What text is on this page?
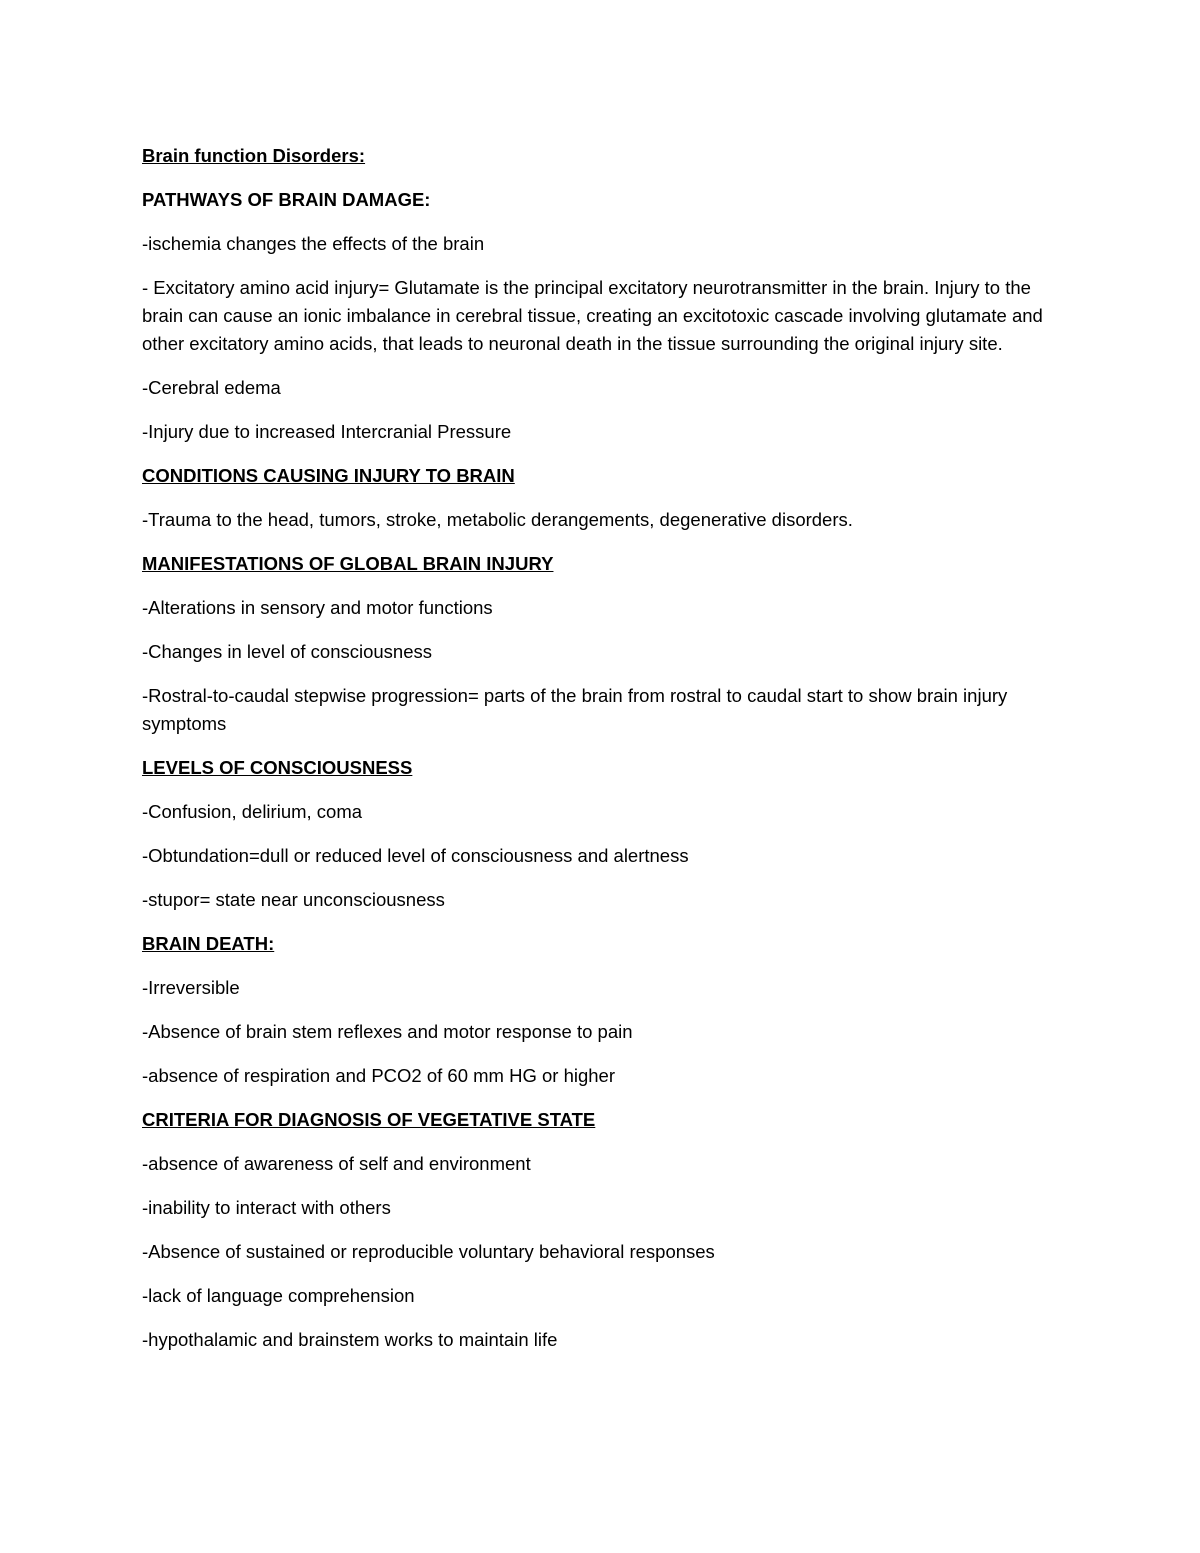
Brain function Disorders:

PATHWAYS OF BRAIN DAMAGE:

-ischemia changes the effects of the brain

- Excitatory amino acid injury= Glutamate is the principal excitatory neurotransmitter in the brain. Injury to the brain can cause an ionic imbalance in cerebral tissue, creating an excitotoxic cascade involving glutamate and other excitatory amino acids, that leads to neuronal death in the tissue surrounding the original injury site.

-Cerebral edema

-Injury due to increased Intercranial Pressure

CONDITIONS CAUSING INJURY TO BRAIN

-Trauma to the head, tumors, stroke, metabolic derangements, degenerative disorders.

MANIFESTATIONS OF GLOBAL BRAIN INJURY

-Alterations in sensory and motor functions

-Changes in level of consciousness

-Rostral-to-caudal stepwise progression= parts of the brain from rostral to caudal start to show brain injury symptoms

LEVELS OF CONSCIOUSNESS

-Confusion, delirium, coma

-Obtundation=dull or reduced level of consciousness and alertness

-stupor= state near unconsciousness

BRAIN DEATH:

-Irreversible

-Absence of brain stem reflexes and motor response to pain

-absence of respiration and PCO2 of 60 mm HG or higher

CRITERIA FOR DIAGNOSIS OF VEGETATIVE STATE

-absence of awareness of self and environment

-inability to interact with others

-Absence of sustained or reproducible voluntary behavioral responses

-lack of language comprehension

-hypothalamic and brainstem works to maintain life
